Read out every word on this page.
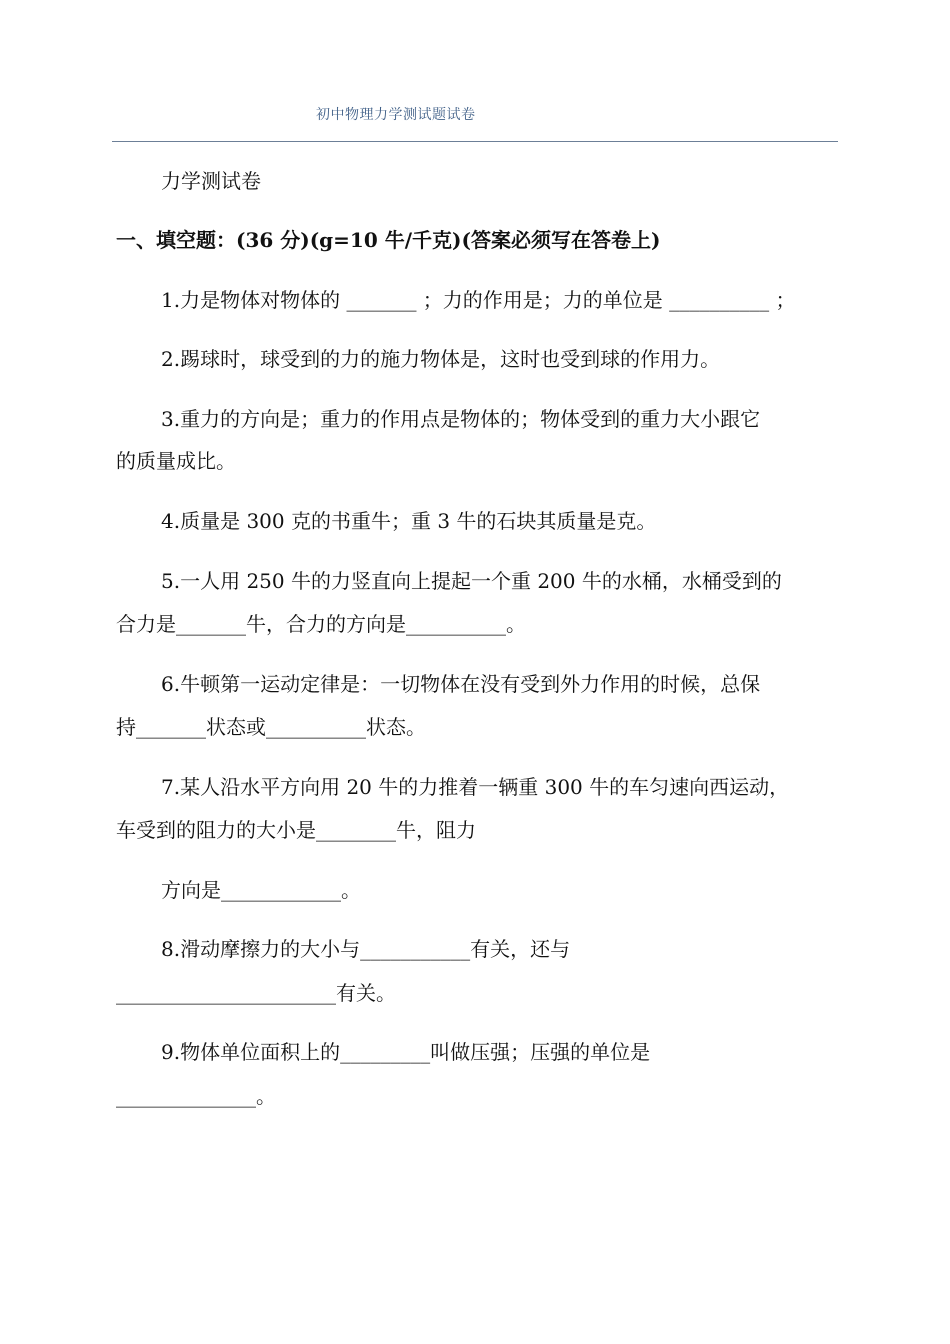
初中物理力学测试题试卷
力学测试卷
一、填空题：(36 分)(g=10 牛/千克)(答案必须写在答卷上)
1.力是物体对物体的 _______ ；力的作用是；力的单位是 __________ ；
2.踢球时，球受到的力的施力物体是，这时也受到球的作用力。
3.重力的方向是；重力的作用点是物体的；物体受到的重力大小跟它
的质量成比。
4.质量是 300 克的书重牛；重 3 牛的石块其质量是克。
5.一人用 250 牛的力竖直向上提起一个重 200 牛的水桶，水桶受到的
合力是_______牛，合力的方向是__________。
6.牛顿第一运动定律是：一切物体在没有受到外力作用的时候，总保
持_______状态或__________状态。
7.某人沿水平方向用 20 牛的力推着一辆重 300 牛的车匀速向西运动，
车受到的阻力的大小是________牛，阻力
方向是____________。
8.滑动摩擦力的大小与___________有关，还与
______________________有关。
9.物体单位面积上的_________叫做压强；压强的单位是
______________。
